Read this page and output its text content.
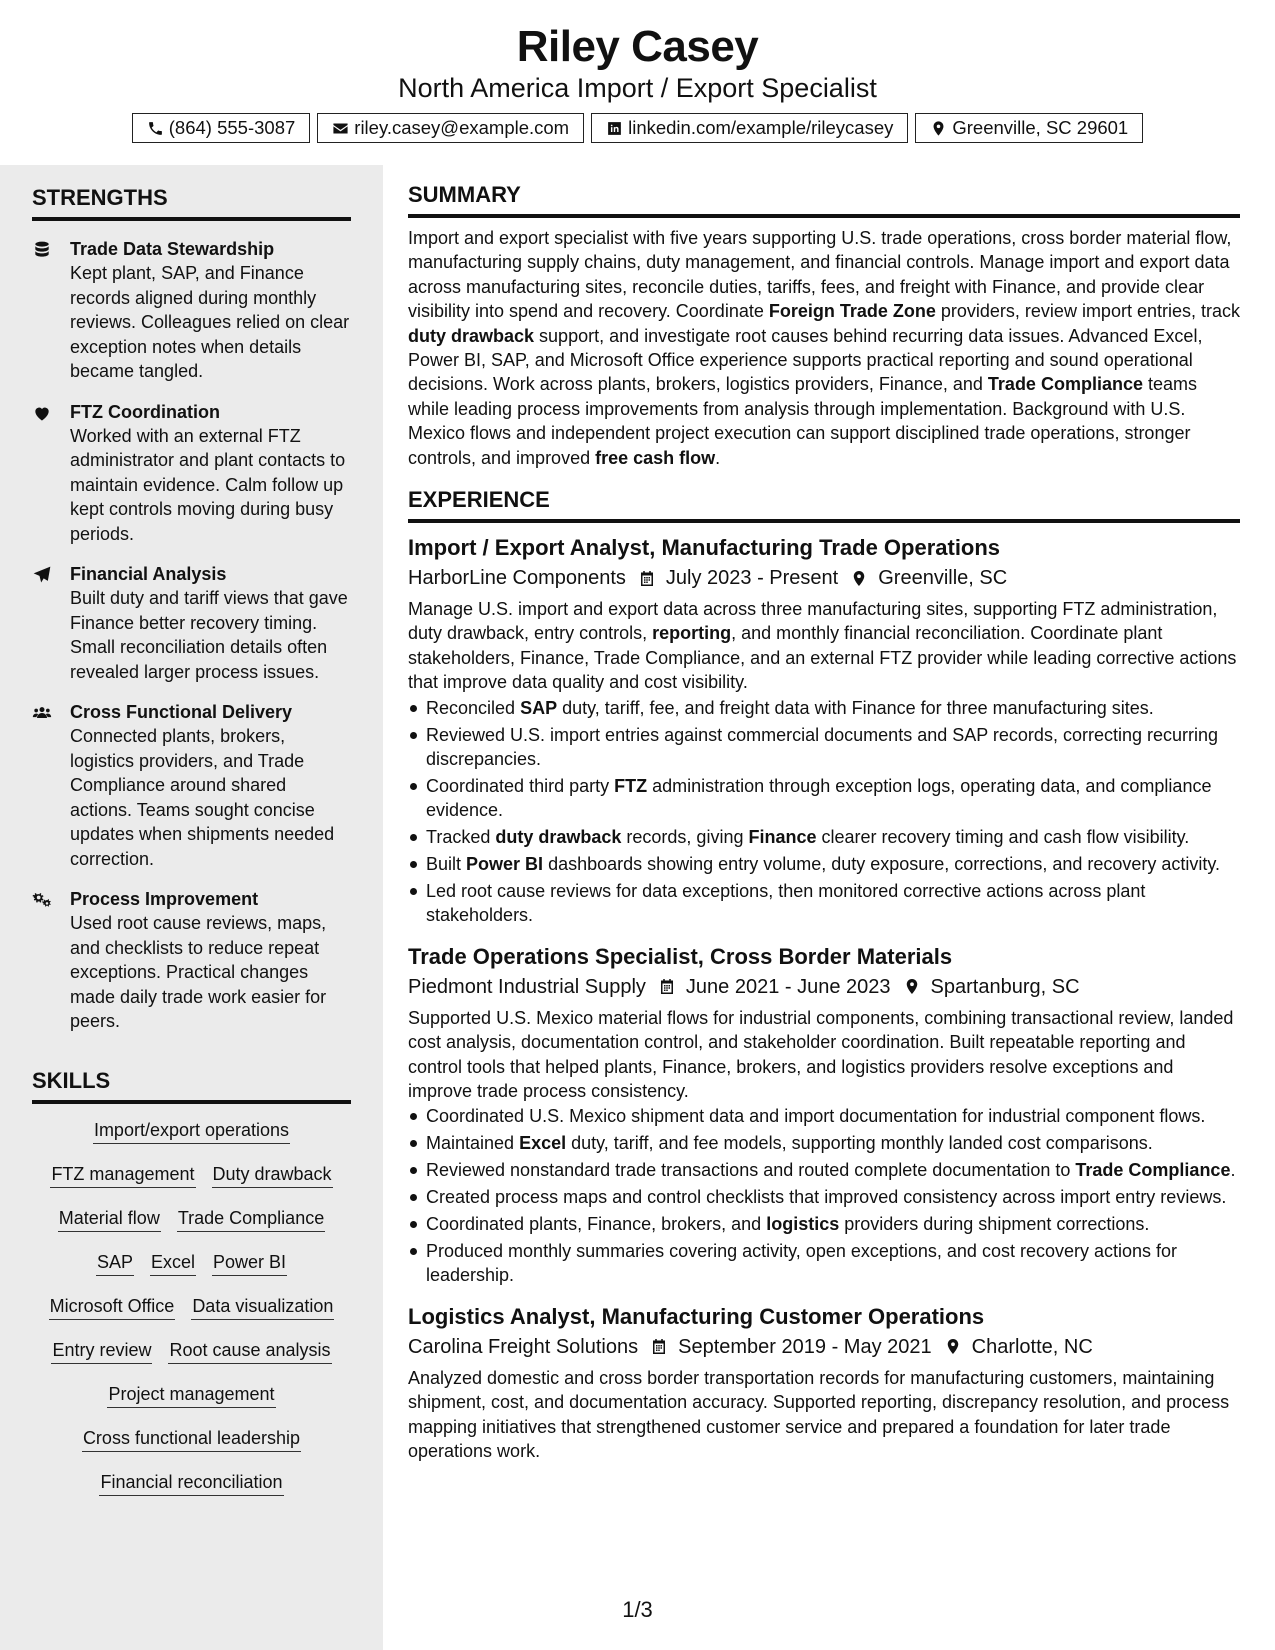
Riley Casey
North America Import / Export Specialist
(864) 555-3087	riley.casey@example.com	linkedin.com/example/rileycasey	Greenville, SC 29601
STRENGTHS
Trade Data Stewardship
Kept plant, SAP, and Finance records aligned during monthly reviews. Colleagues relied on clear exception notes when details became tangled.
FTZ Coordination
Worked with an external FTZ administrator and plant contacts to maintain evidence. Calm follow up kept controls moving during busy periods.
Financial Analysis
Built duty and tariff views that gave Finance better recovery timing. Small reconciliation details often revealed larger process issues.
Cross Functional Delivery
Connected plants, brokers, logistics providers, and Trade Compliance around shared actions. Teams sought concise updates when shipments needed correction.
Process Improvement
Used root cause reviews, maps, and checklists to reduce repeat exceptions. Practical changes made daily trade work easier for peers.
SKILLS
Import/export operations
FTZ management Duty drawback
Material flow Trade Compliance
SAP Excel Power BI
Microsoft Office Data visualization
Entry review Root cause analysis
Project management
Cross functional leadership
Financial reconciliation
SUMMARY

Import and export specialist with five years supporting U.S. trade operations, cross border material flow, manufacturing supply chains, duty management, and financial controls. Manage import and export data across manufacturing sites, reconcile duties, tariffs, fees, and freight with Finance, and provide clear visibility into spend and recovery. Coordinate Foreign Trade Zone providers, review import entries, track duty drawback support, and investigate root causes behind recurring data issues. Advanced Excel, Power BI, SAP, and Microsoft Office experience supports practical reporting and sound operational decisions. Work across plants, brokers, logistics providers, Finance, and Trade Compliance teams while leading process improvements from analysis through implementation. Background with U.S. Mexico flows and independent project execution can support disciplined trade operations, stronger controls, and improved free cash flow.

EXPERIENCE
Import / Export Analyst, Manufacturing Trade Operations
HarborLine Components July 2023 - Present Greenville, SC

Manage U.S. import and export data across three manufacturing sites, supporting FTZ administration, duty drawback, entry controls, reporting, and monthly financial reconciliation. Coordinate plant stakeholders, Finance, Trade Compliance, and an external FTZ provider while leading corrective actions that improve data quality and cost visibility.

Reconciled SAP duty, tariff, fee, and freight data with Finance for three manufacturing sites.
Reviewed U.S. import entries against commercial documents and SAP records, correcting recurring discrepancies.
Coordinated third party FTZ administration through exception logs, operating data, and compliance evidence.
Tracked duty drawback records, giving Finance clearer recovery timing and cash flow visibility.
Built Power BI dashboards showing entry volume, duty exposure, corrections, and recovery activity.
Led root cause reviews for data exceptions, then monitored corrective actions across plant stakeholders.
Trade Operations Specialist, Cross Border Materials
Piedmont Industrial Supply June 2021 - June 2023 Spartanburg, SC

Supported U.S. Mexico material flows for industrial components, combining transactional review, landed cost analysis, documentation control, and stakeholder coordination. Built repeatable reporting and control tools that helped plants, Finance, brokers, and logistics providers resolve exceptions and improve trade process consistency.

Coordinated U.S. Mexico shipment data and import documentation for industrial component flows.
Maintained Excel duty, tariff, and fee models, supporting monthly landed cost comparisons.
Reviewed nonstandard trade transactions and routed complete documentation to Trade Compliance.
Created process maps and control checklists that improved consistency across import entry reviews.
Coordinated plants, Finance, brokers, and logistics providers during shipment corrections.
Produced monthly summaries covering activity, open exceptions, and cost recovery actions for leadership.
Logistics Analyst, Manufacturing Customer Operations
Carolina Freight Solutions September 2019 - May 2021 Charlotte, NC

Analyzed domestic and cross border transportation records for manufacturing customers, maintaining shipment, cost, and documentation accuracy. Supported reporting, discrepancy resolution, and process mapping initiatives that strengthened customer service and prepared a foundation for later trade operations work.

1/3
